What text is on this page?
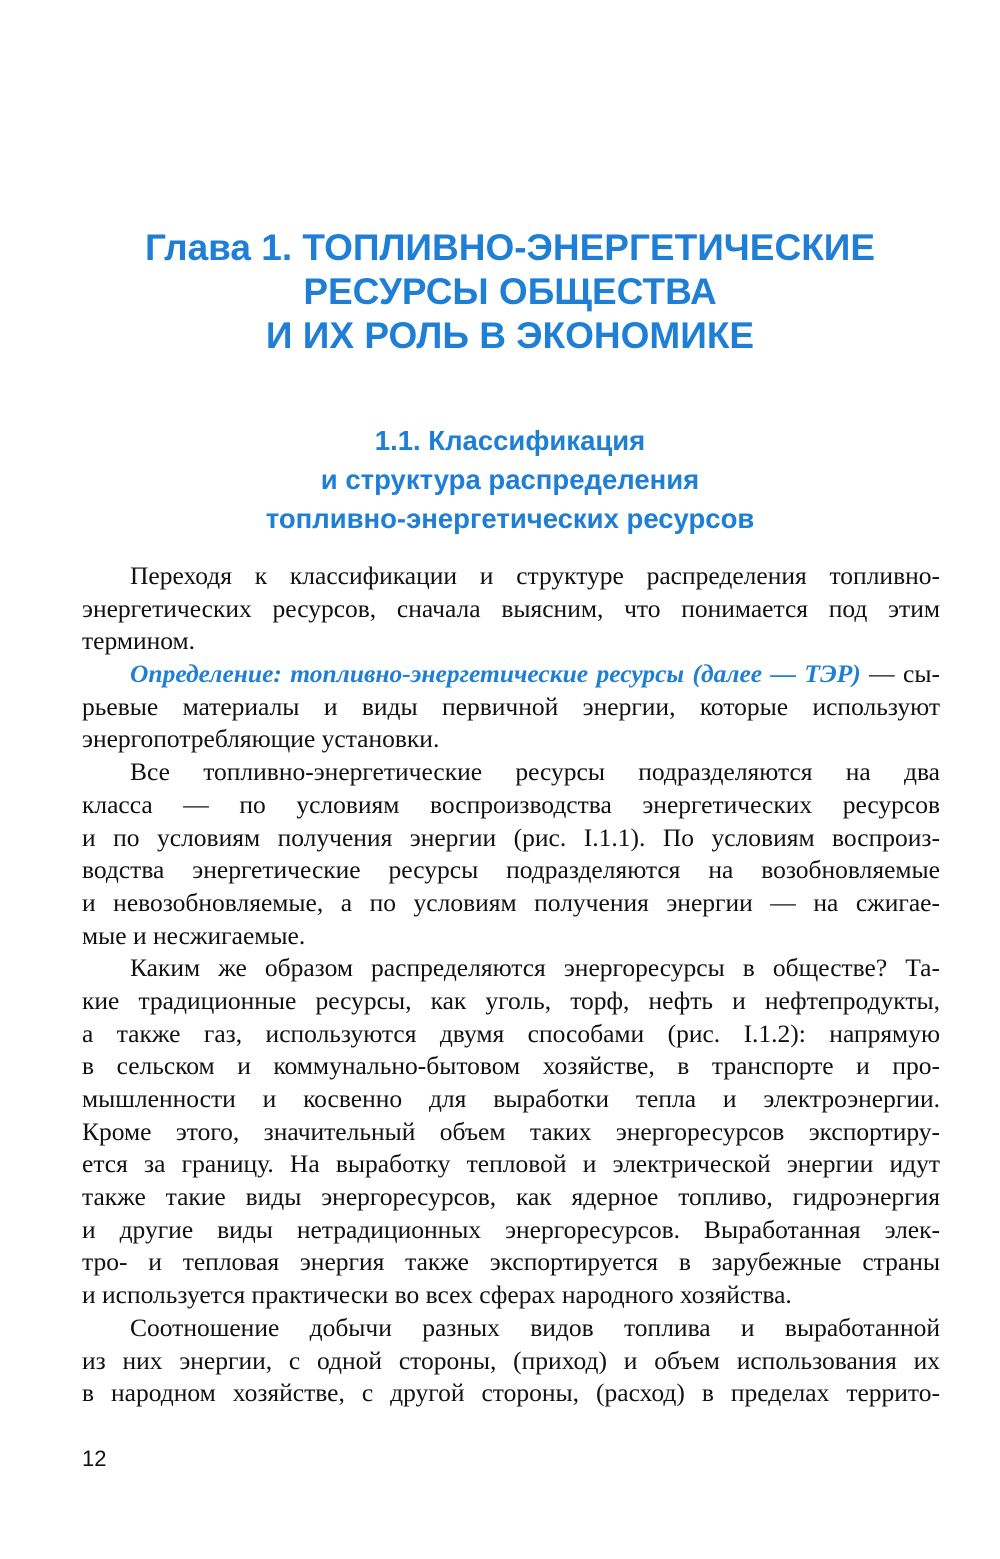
Глава 1. ТОПЛИВНО-ЭНЕРГЕТИЧЕСКИЕ
РЕСУРСЫ ОБЩЕСТВА
И ИХ РОЛЬ В ЭКОНОМИКЕ
1.1. Классификация
и структура распределения
топливно-энергетических ресурсов

Переходя к классификации и структуре распределения топливно-
энергетических ресурсов, сначала выясним, что понимается под этим
термином.

Определение: топливно-энергетические ресурсы (далее — ТЭР) — сы-
рьевые материалы и виды первичной энергии, которые используют
энергопотребляющие установки.

Все топливно-энергетические ресурсы подразделяются на два
класса — по условиям воспроизводства энергетических ресурсов
и по условиям получения энергии (рис. I.1.1). По условиям воспроиз-
водства энергетические ресурсы подразделяются на возобновляемые
и невозобновляемые, а по условиям получения энергии — на сжигае-
мые и несжигаемые.

Каким же образом распределяются энергоресурсы в обществе? Та-
кие традиционные ресурсы, как уголь, торф, нефть и нефтепродукты,
а также газ, используются двумя способами (рис. I.1.2): напрямую
в сельском и коммунально-бытовом хозяйстве, в транспорте и про-
мышленности и косвенно для выработки тепла и электроэнергии.
Кроме этого, значительный объем таких энергоресурсов экспортиру-
ется за границу. На выработку тепловой и электрической энергии идут
также такие виды энергоресурсов, как ядерное топливо, гидроэнергия
и другие виды нетрадиционных энергоресурсов. Выработанная элек-
тро- и тепловая энергия также экспортируется в зарубежные страны
и используется практически во всех сферах народного хозяйства.

Соотношение добычи разных видов топлива и выработанной
из них энергии, с одной стороны, (приход) и объем использования их
в народном хозяйстве, с другой стороны, (расход) в пределах террито-

12
